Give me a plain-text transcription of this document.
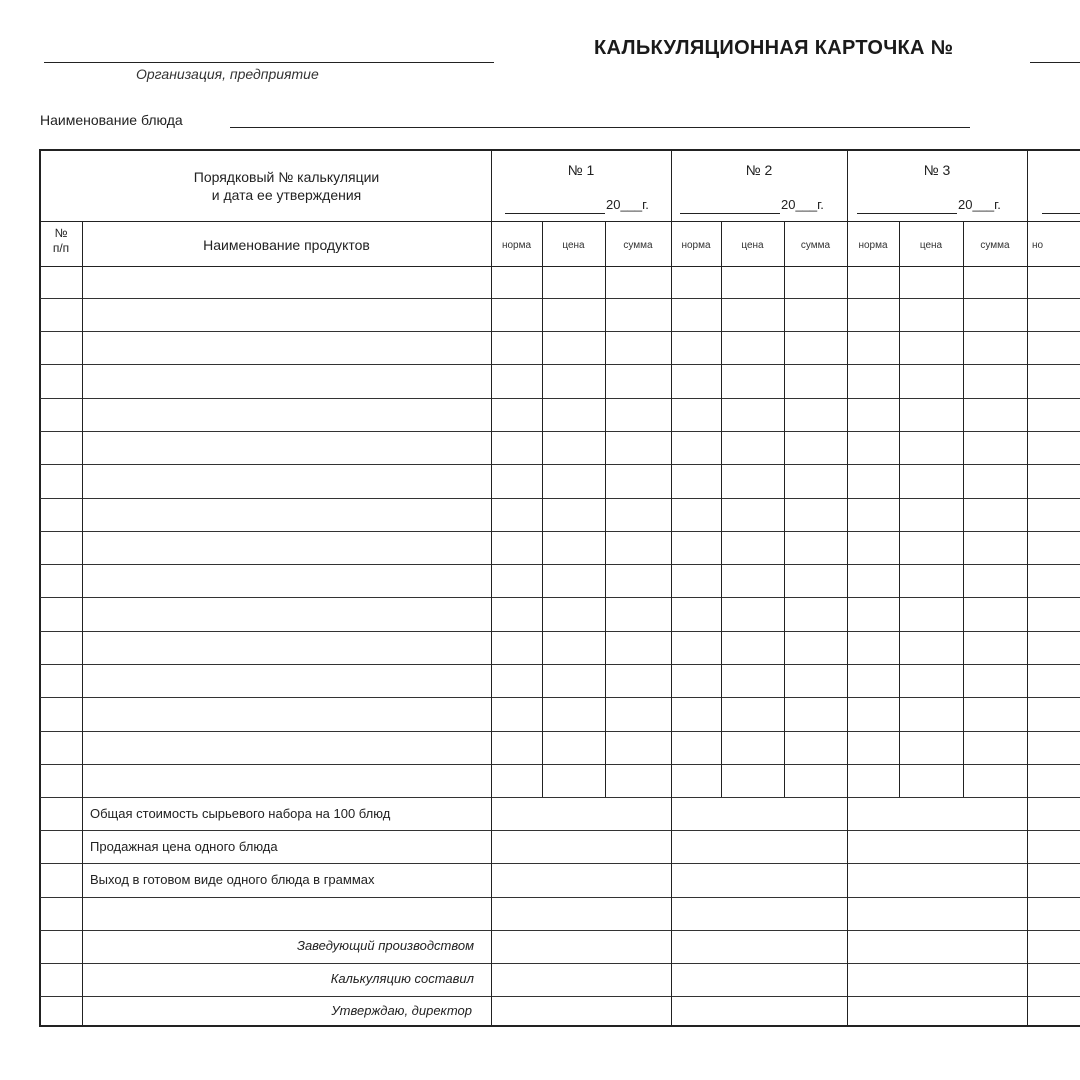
КАЛЬКУЛЯЦИОННАЯ КАРТОЧКА №
Организация, предприятие
Наименование блюда
Порядковый № калькуляции
и дата ее утверждения
№
п/п	Наименование продуктов
№ 1	№ 2	№ 3
20___г.	20___г.	20___г.
норма	цена	сумма	норма	цена	сумма	норма	цена	сумма	но
Общая стоимость сырьевого набора на 100 блюд
Продажная цена одного блюда
Выход в готовом виде одного блюда в граммах
Заведующий производством
Калькуляцию составил
Утверждаю, директор
